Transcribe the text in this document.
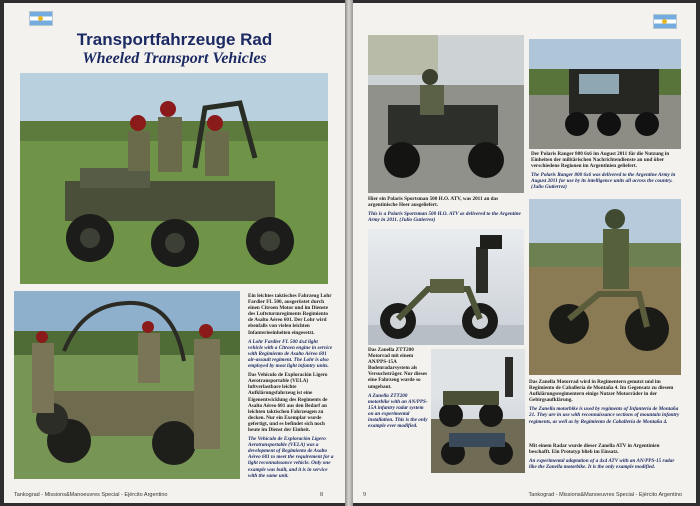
Transportfahrzeuge Rad
Wheeled Transport Vehicles

Ein leichtes taktisches Fahrzeug Lohr Fardier FL 500, ausgerüstet durch einen Citroen Motor und im Dienste des Luftsturmregiments Regimiento de Asalto Aéreo 601. Der Lohr wird ebenfalls von vielen leichten Infanterieeinheiten eingesetzt.

A Lohr Fardier FL 500 4x4 light vehicle with a Citroen engine in service with Regimiento de Asalto Aéreo 601 air-assault regiment. The Lohr is also employed by most light infantry units.

Das Vehículo de Exploración Ligero Aerotransportable (VELA) luftverlastbare leichte Aufklärungsfahrzeug ist eine Eigenentwicklung des Regiments de Asalto Aéreo 601 aus den Bedarf an leichten taktischen Fahrzeugen zu decken. Nur ein Exemplar wurde gefertigt, und es befindet sich noch heute im Dienst der Einheit.

The Vehículo de Exploración Ligero Aerotransportable (VELA) was a development of Regimiento de Asalto Aéreo 601 to meet the requirement for a light reconnaissance vehicle. Only one example was built, and it is in service with the same unit.

Tankograd - Missions&Manoeuvres Special - Ejército Argentino	8

Der Polaris Ranger 800 6x6 im August 2011 für die Nutzung in Einheiten der militärischen Nachrichtendienste an und über verschiedene Regionen im Argentinien geliefert.

The Polaris Ranger 800 6x6 was delivered to the Argentine Army in August 2011 for use by its intelligence units all across the country. (Julio Gutierrez)

Hier ein Polaris Sportsman 500 H.O. ATV, was 2011 an das argentinische Heer ausgeliefert.

This is a Polaris Sportsman 500 H.O. ATV as delivered to the Argentine Army in 2011. (Julio Gutierrez)

Das Zanella ZTT200 Motorrad mit einem AN/PPS-15A Bodenradarsystem als Versuchsträger. Nur dieses eine Fahrzeug wurde so umgebaut.

A Zanella ZTT200 motorbike with an AN/PPS-15A infantry radar system on an experimental installation. This is the only example ever modified.

Das Zanella Motorrad wird in Regimentern genutzt und im Regimiento de Caballería de Montaña 4. Im Gegensatz zu diesem Aufklärungsregimentern einige Nutzer Motorräder in der Gebirgsaufklärung.

The Zanella motorbike is used by regiments of Infantería de Montaña 21. They are in use with reconnaissance sections of mountain infantry regiments, as well as by Regimiento de Caballería de Montaña 4.

Mit einem Radar wurde dieser Zanella ATV in Argentinien beschafft. Ein Prototyp blieb im Einsatz.

An experimental adaptation of a 4x4 ATV with an AN/PPS-15 radar like the Zanella motorbike. It is the only example modified.

9	Tankograd - Missions&Manoeuvres Special - Ejército Argentino
